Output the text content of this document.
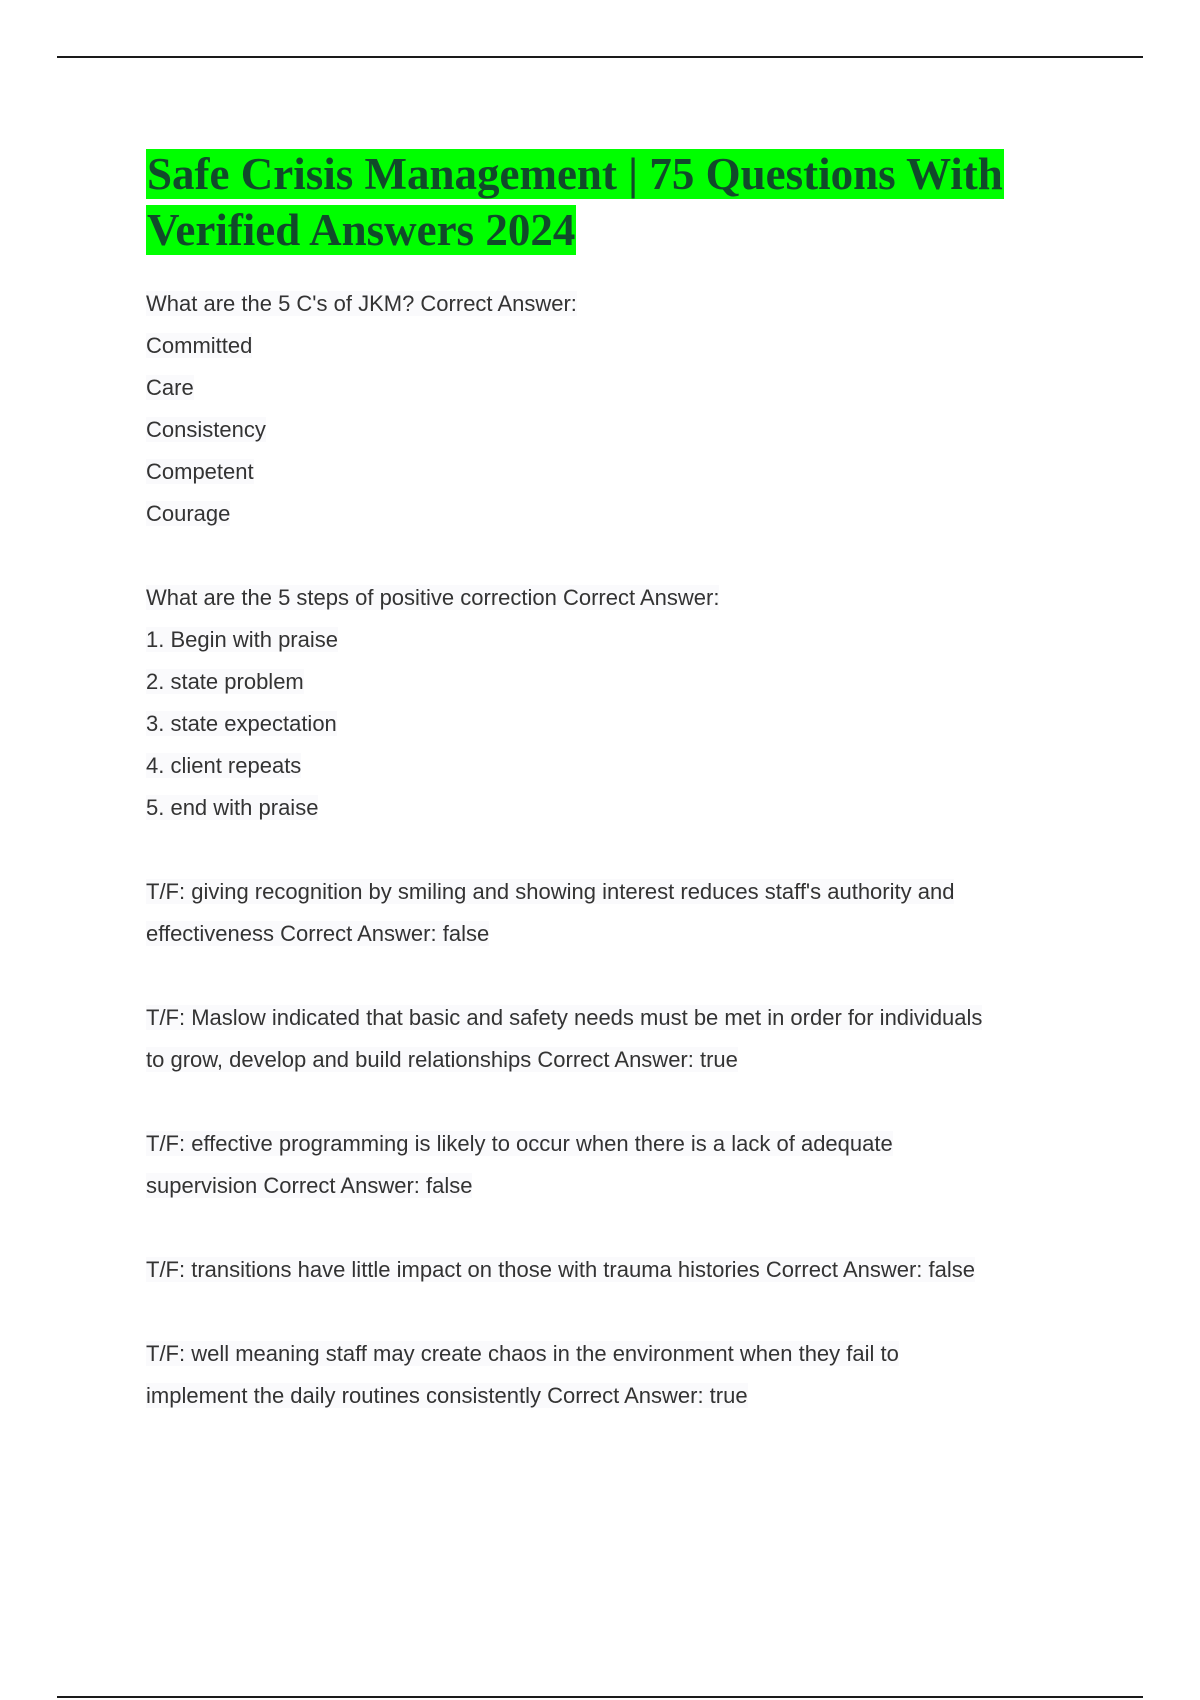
Safe Crisis Management | 75 Questions With Verified Answers 2024
What are the 5 C's of JKM? Correct Answer:
Committed
Care
Consistency
Competent
Courage
What are the 5 steps of positive correction Correct Answer:
1. Begin with praise
2. state problem
3. state expectation
4. client repeats
5. end with praise
T/F: giving recognition by smiling and showing interest reduces staff's authority and
effectiveness Correct Answer: false
T/F: Maslow indicated that basic and safety needs must be met in order for individuals
to grow, develop and build relationships Correct Answer: true
T/F: effective programming is likely to occur when there is a lack of adequate
supervision Correct Answer: false
T/F: transitions have little impact on those with trauma histories Correct Answer: false
T/F: well meaning staff may create chaos in the environment when they fail to
implement the daily routines consistently Correct Answer: true
